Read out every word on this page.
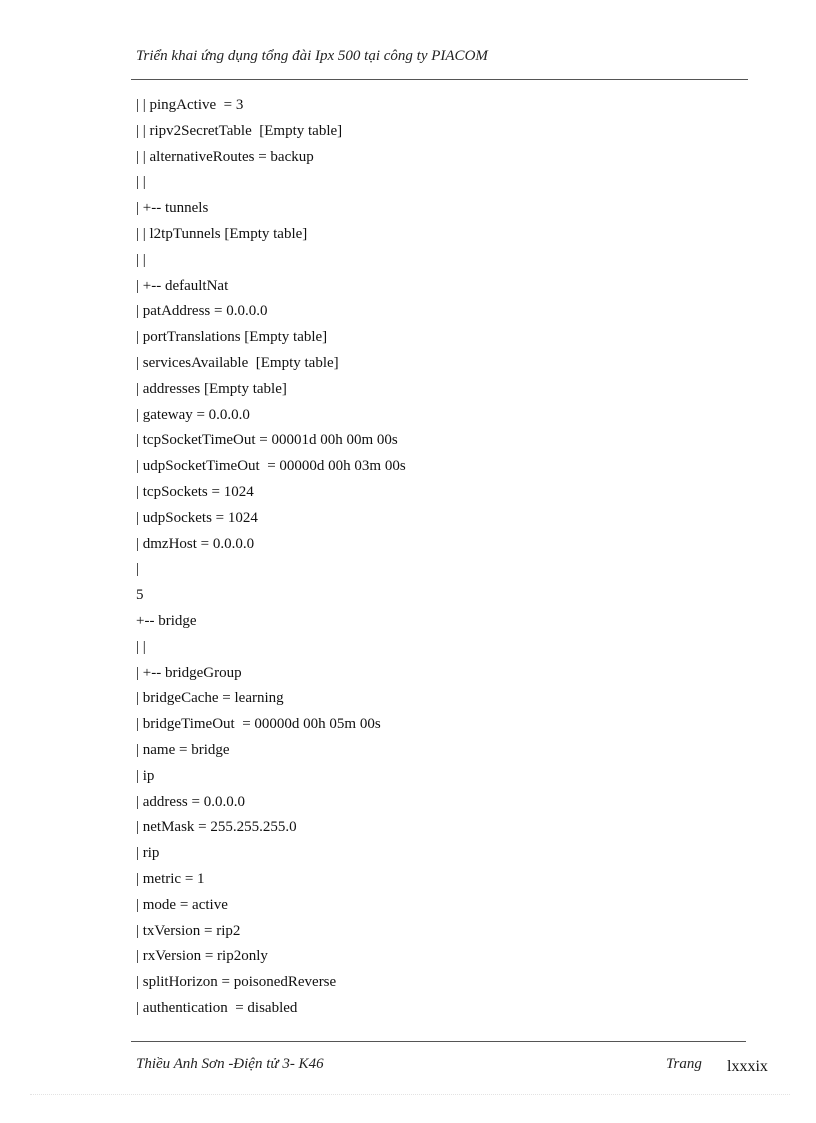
Triển khai ứng dụng tổng đài Ipx 500 tại công ty PIACOM
| | pingActive  = 3
| | ripv2SecretTable  [Empty table]
| | alternativeRoutes = backup
| |
| +-- tunnels
| | l2tpTunnels [Empty table]
| |
| +-- defaultNat
| patAddress = 0.0.0.0
| portTranslations [Empty table]
| servicesAvailable  [Empty table]
| addresses [Empty table]
| gateway = 0.0.0.0
| tcpSocketTimeOut = 00001d 00h 00m 00s
| udpSocketTimeOut  = 00000d 00h 03m 00s
| tcpSockets = 1024
| udpSockets = 1024
| dmzHost = 0.0.0.0
|
5
+-- bridge
| |
| +-- bridgeGroup
| bridgeCache = learning
| bridgeTimeOut  = 00000d 00h 05m 00s
| name = bridge
| ip
| address = 0.0.0.0
| netMask = 255.255.255.0
| rip
| metric = 1
| mode = active
| txVersion = rip2
| rxVersion = rip2only
| splitHorizon = poisonedReverse
| authentication  = disabled
Thiều Anh Sơn -Điện tử 3- K46	Trang lxxxix
